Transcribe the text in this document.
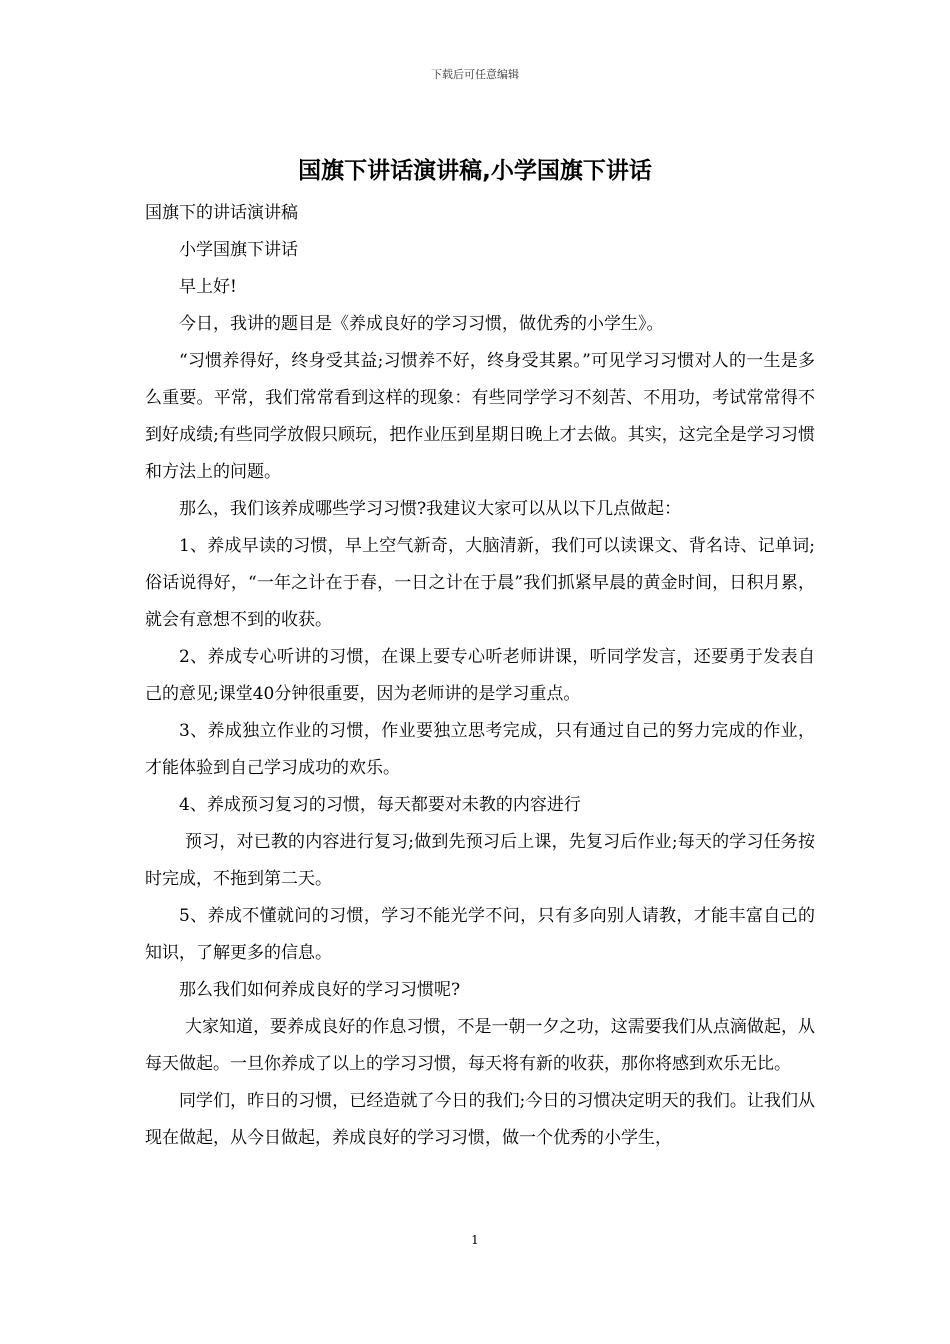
下载后可任意编辑
国旗下讲话演讲稿,小学国旗下讲话

国旗下的讲话演讲稿

小学国旗下讲话

早上好!

今日，我讲的题目是《养成良好的学习习惯，做优秀的小学生》。

“习惯养得好，终身受其益;习惯养不好，终身受其累。”可见学习习惯对人的一生是多么重要。平常，我们常常看到这样的现象：有些同学学习不刻苦、不用功，考试常常得不到好成绩;有些同学放假只顾玩，把作业压到星期日晚上才去做。其实，这完全是学习习惯和方法上的问题。

那么，我们该养成哪些学习习惯?我建议大家可以从以下几点做起：

1、养成早读的习惯，早上空气新奇，大脑清新，我们可以读课文、背名诗、记单词;俗话说得好，“一年之计在于春，一日之计在于晨”我们抓紧早晨的黄金时间，日积月累，就会有意想不到的收获。

2、养成专心听讲的习惯，在课上要专心听老师讲课，听同学发言，还要勇于发表自己的意见;课堂40分钟很重要，因为老师讲的是学习重点。

3、养成独立作业的习惯，作业要独立思考完成，只有通过自己的努力完成的作业，才能体验到自己学习成功的欢乐。

4、养成预习复习的习惯，每天都要对未教的内容进行

预习，对已教的内容进行复习;做到先预习后上课，先复习后作业;每天的学习任务按时完成，不拖到第二天。

5、养成不懂就问的习惯，学习不能光学不问，只有多向别人请教，才能丰富自己的知识，了解更多的信息。

那么我们如何养成良好的学习习惯呢?

大家知道，要养成良好的作息习惯，不是一朝一夕之功，这需要我们从点滴做起，从每天做起。一旦你养成了以上的学习习惯，每天将有新的收获，那你将感到欢乐无比。

同学们，昨日的习惯，已经造就了今日的我们;今日的习惯决定明天的我们。让我们从现在做起，从今日做起，养成良好的学习习惯，做一个优秀的小学生，

1
